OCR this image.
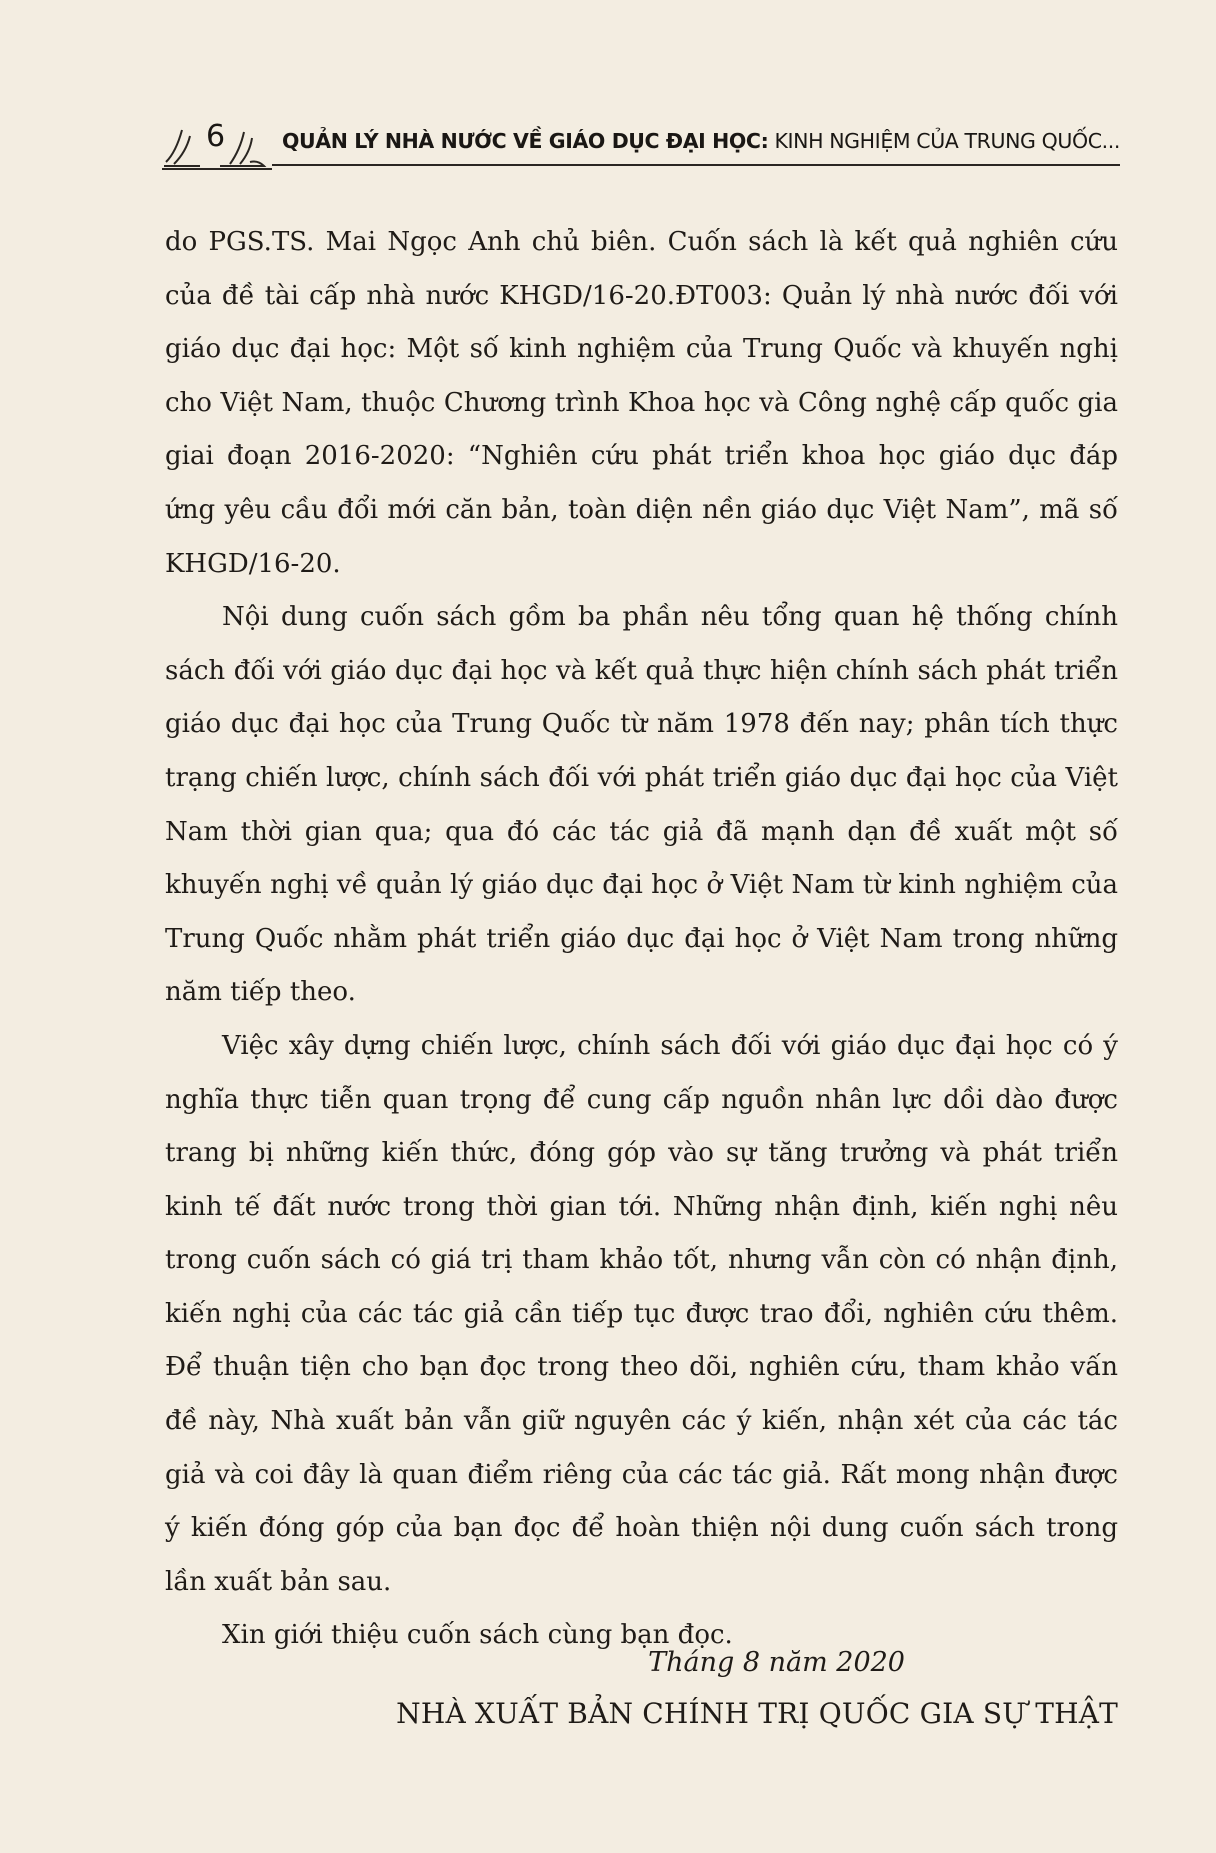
6	QUẢN LÝ NHÀ NƯỚC VỀ GIÁO DỤC ĐẠI HỌC: KINH NGHIỆM CỦA TRUNG QUỐC...

do PGS.TS. Mai Ngọc Anh chủ biên. Cuốn sách là kết quả nghiên cứu của đề tài cấp nhà nước KHGD/16-20.ĐT003: Quản lý nhà nước đối với giáo dục đại học: Một số kinh nghiệm của Trung Quốc và khuyến nghị cho Việt Nam, thuộc Chương trình Khoa học và Công nghệ cấp quốc gia giai đoạn 2016-2020: “Nghiên cứu phát triển khoa học giáo dục đáp ứng yêu cầu đổi mới căn bản, toàn diện nền giáo dục Việt Nam”, mã số KHGD/16-20.

Nội dung cuốn sách gồm ba phần nêu tổng quan hệ thống chính sách đối với giáo dục đại học và kết quả thực hiện chính sách phát triển giáo dục đại học của Trung Quốc từ năm 1978 đến nay; phân tích thực trạng chiến lược, chính sách đối với phát triển giáo dục đại học của Việt Nam thời gian qua; qua đó các tác giả đã mạnh dạn đề xuất một số khuyến nghị về quản lý giáo dục đại học ở Việt Nam từ kinh nghiệm của Trung Quốc nhằm phát triển giáo dục đại học ở Việt Nam trong những năm tiếp theo.

Việc xây dựng chiến lược, chính sách đối với giáo dục đại học có ý nghĩa thực tiễn quan trọng để cung cấp nguồn nhân lực dồi dào được trang bị những kiến thức, đóng góp vào sự tăng trưởng và phát triển kinh tế đất nước trong thời gian tới. Những nhận định, kiến nghị nêu trong cuốn sách có giá trị tham khảo tốt, nhưng vẫn còn có nhận định, kiến nghị của các tác giả cần tiếp tục được trao đổi, nghiên cứu thêm. Để thuận tiện cho bạn đọc trong theo dõi, nghiên cứu, tham khảo vấn đề này, Nhà xuất bản vẫn giữ nguyên các ý kiến, nhận xét của các tác giả và coi đây là quan điểm riêng của các tác giả. Rất mong nhận được ý kiến đóng góp của bạn đọc để hoàn thiện nội dung cuốn sách trong lần xuất bản sau.

Xin giới thiệu cuốn sách cùng bạn đọc.

Tháng 8 năm 2020
NHÀ XUẤT BẢN CHÍNH TRỊ QUỐC GIA SỰ THẬT
